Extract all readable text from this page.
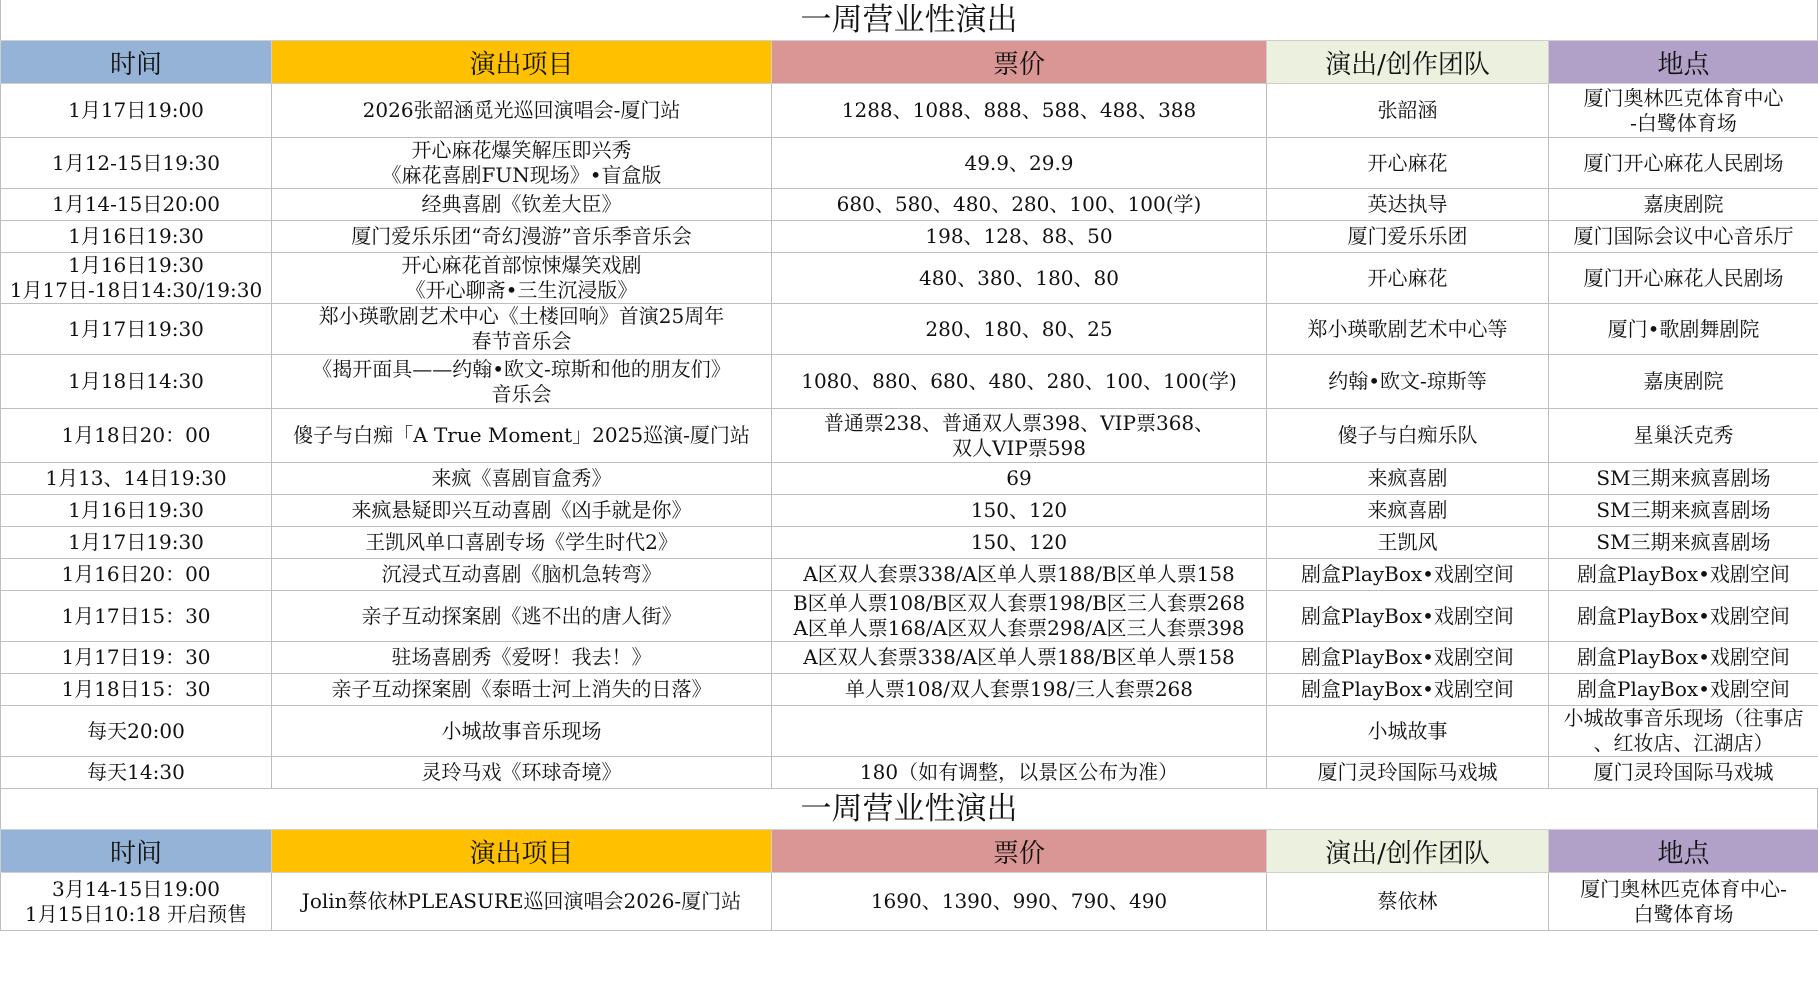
一周营业性演出
时间	演出项目	票价	演出/创作团队	地点
1月17日19:00	2026张韶涵觅光巡回演唱会-厦门站	1288、1088、888、588、488、388	张韶涵	厦门奥林匹克体育中心
-白鹭体育场
1月12-15日19:30	开心麻花爆笑解压即兴秀
《麻花喜剧FUN现场》•盲盒版	49.9、29.9	开心麻花	厦门开心麻花人民剧场
1月14-15日20:00	经典喜剧《钦差大臣》	680、580、480、280、100、100(学)	英达执导	嘉庚剧院
1月16日19:30	厦门爱乐乐团“奇幻漫游”音乐季音乐会	198、128、88、50	厦门爱乐乐团	厦门国际会议中心音乐厅
1月16日19:30
1月17日-18日14:30/19:30	开心麻花首部惊悚爆笑戏剧
《开心聊斋•三生沉浸版》	480、380、180、80	开心麻花	厦门开心麻花人民剧场
1月17日19:30	郑小瑛歌剧艺术中心《土楼回响》首演25周年
春节音乐会	280、180、80、25	郑小瑛歌剧艺术中心等	厦门•歌剧舞剧院
1月18日14:30	《揭开面具——约翰•欧文-琼斯和他的朋友们》
音乐会	1080、880、680、480、280、100、100(学)	约翰•欧文-琼斯等	嘉庚剧院
1月18日20：00	傻子与白痴「A True Moment」2025巡演-厦门站	普通票238、普通双人票398、VIP票368、
双人VIP票598	傻子与白痴乐队	星巢沃克秀
1月13、14日19:30	来疯《喜剧盲盒秀》	69	来疯喜剧	SM三期来疯喜剧场
1月16日19:30	来疯悬疑即兴互动喜剧《凶手就是你》	150、120	来疯喜剧	SM三期来疯喜剧场
1月17日19:30	王凯风单口喜剧专场《学生时代2》	150、120	王凯风	SM三期来疯喜剧场
1月16日20：00	沉浸式互动喜剧《脑机急转弯》	A区双人套票338/A区单人票188/B区单人票158	剧盒PlayBox•戏剧空间	剧盒PlayBox•戏剧空间
1月17日15：30	亲子互动探案剧《逃不出的唐人街》	B区单人票108/B区双人套票198/B区三人套票268
A区单人票168/A区双人套票298/A区三人套票398	剧盒PlayBox•戏剧空间	剧盒PlayBox•戏剧空间
1月17日19：30	驻场喜剧秀《爱呀！我去！》	A区双人套票338/A区单人票188/B区单人票158	剧盒PlayBox•戏剧空间	剧盒PlayBox•戏剧空间
1月18日15：30	亲子互动探案剧《泰晤士河上消失的日落》	单人票108/双人套票198/三人套票268	剧盒PlayBox•戏剧空间	剧盒PlayBox•戏剧空间
每天20:00	小城故事音乐现场		小城故事	小城故事音乐现场（往事店
、红妆店、江湖店）
每天14:30	灵玲马戏《环球奇境》	180（如有调整，以景区公布为准）	厦门灵玲国际马戏城	厦门灵玲国际马戏城
一周营业性演出
时间	演出项目	票价	演出/创作团队	地点
3月14-15日19:00
1月15日10:18 开启预售	Jolin蔡依林PLEASURE巡回演唱会2026-厦门站	1690、1390、990、790、490	蔡依林	厦门奥林匹克体育中心-
白鹭体育场
